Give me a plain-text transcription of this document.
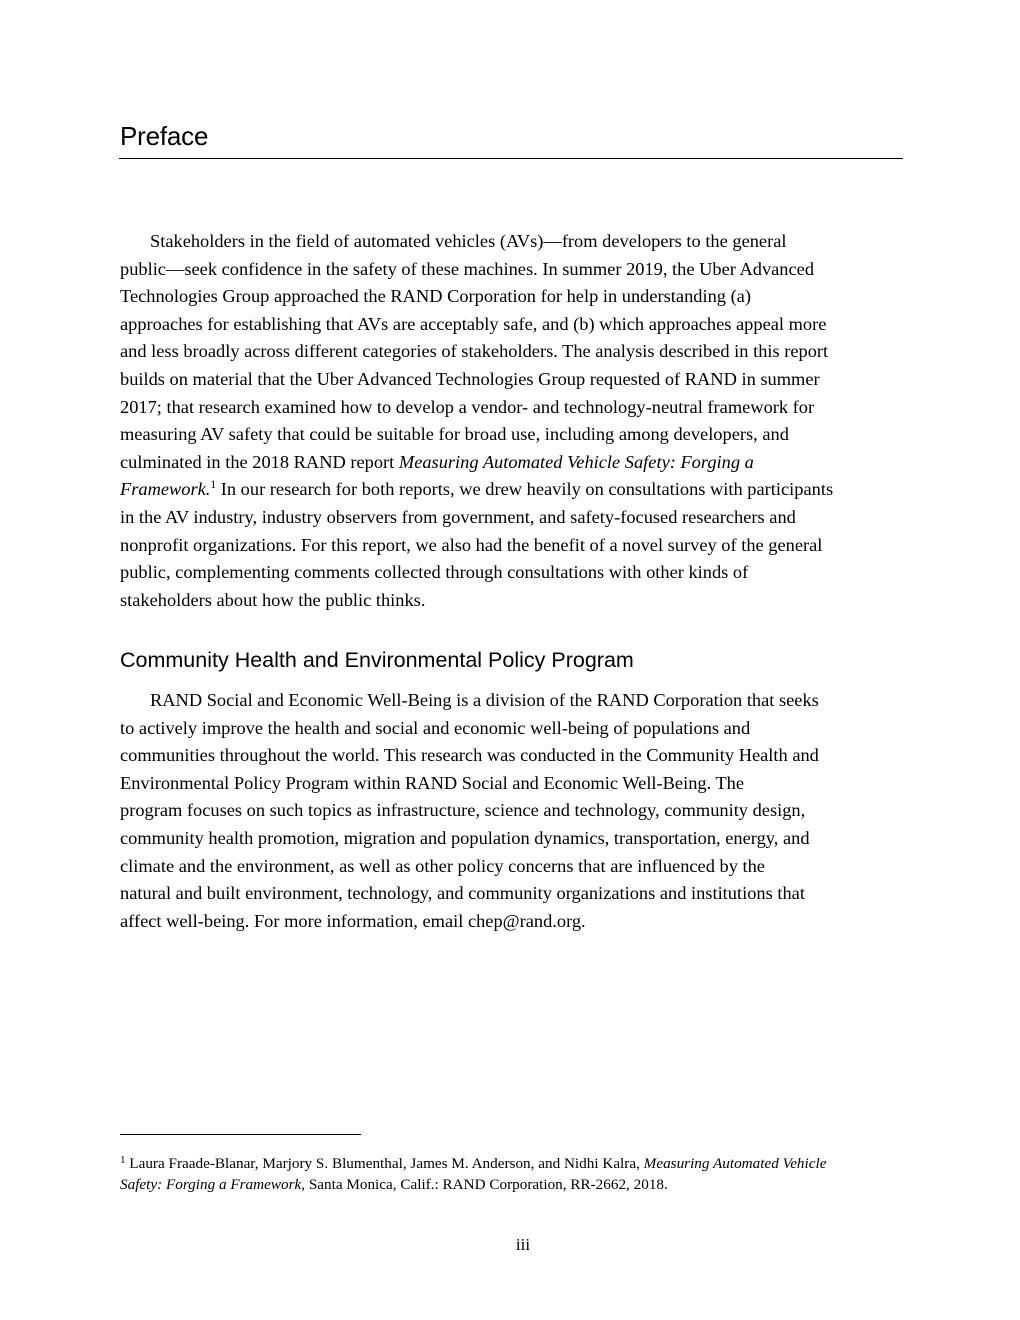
Preface

Stakeholders in the field of automated vehicles (AVs)—from developers to the general
public—seek confidence in the safety of these machines. In summer 2019, the Uber Advanced
Technologies Group approached the RAND Corporation for help in understanding (a)
approaches for establishing that AVs are acceptably safe, and (b) which approaches appeal more
and less broadly across different categories of stakeholders. The analysis described in this report
builds on material that the Uber Advanced Technologies Group requested of RAND in summer
2017; that research examined how to develop a vendor- and technology-neutral framework for
measuring AV safety that could be suitable for broad use, including among developers, and
culminated in the 2018 RAND report Measuring Automated Vehicle Safety: Forging a
Framework.$^1$ In our research for both reports, we drew heavily on consultations with participants
in the AV industry, industry observers from government, and safety-focused researchers and
nonprofit organizations. For this report, we also had the benefit of a novel survey of the general
public, complementing comments collected through consultations with other kinds of
stakeholders about how the public thinks.

Community Health and Environmental Policy Program

RAND Social and Economic Well-Being is a division of the RAND Corporation that seeks
to actively improve the health and social and economic well-being of populations and
communities throughout the world. This research was conducted in the Community Health and
Environmental Policy Program within RAND Social and Economic Well-Being. The
program focuses on such topics as infrastructure, science and technology, community design,
community health promotion, migration and population dynamics, transportation, energy, and
climate and the environment, as well as other policy concerns that are influenced by the
natural and built environment, technology, and community organizations and institutions that
affect well-being. For more information, email chep@rand.org.

$^1$ Laura Fraade-Blanar, Marjory S. Blumenthal, James M. Anderson, and Nidhi Kalra, Measuring Automated Vehicle
Safety: Forging a Framework, Santa Monica, Calif.: RAND Corporation, RR-2662, 2018.

iii
